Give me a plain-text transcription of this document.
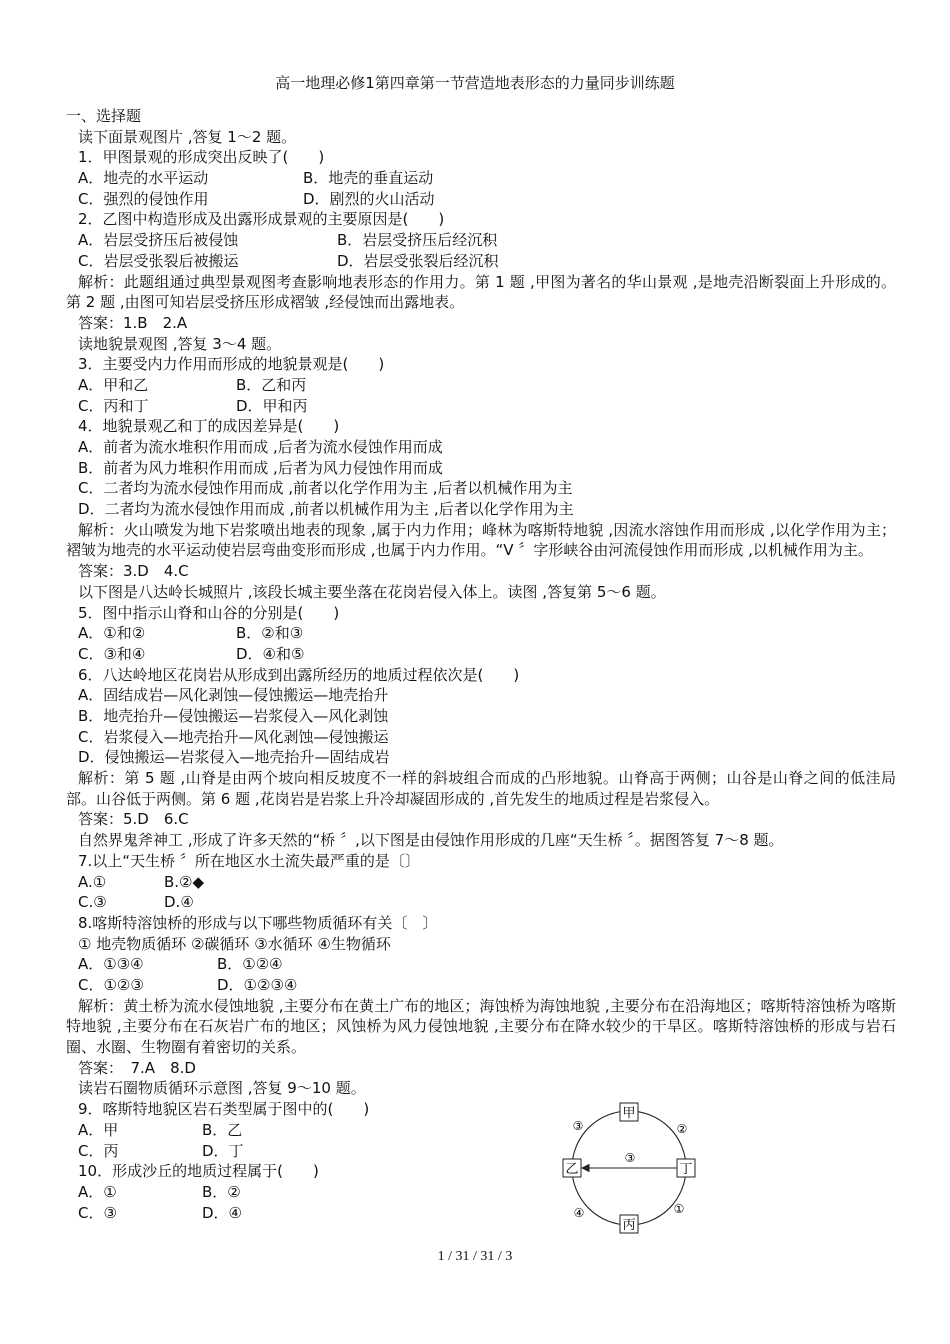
高一地理必修1第四章第一节营造地表形态的力量同步训练题
一、选择题
读下面景观图片 ,答复 1～2 题。
1．甲图景观的形成突出反映了(　　)
A．地壳的水平运动	B．地壳的垂直运动
C．强烈的侵蚀作用	D．剧烈的火山活动
2．乙图中构造形成及出露形成景观的主要原因是(　　)
A．岩层受挤压后被侵蚀	B．岩层受挤压后经沉积
C．岩层受张裂后被搬运	D．岩层受张裂后经沉积
解析：此题组通过典型景观图考查影响地表形态的作用力。第 1 题 ,甲图为著名的华山景观 ,是地壳沿断裂面上升形成的。第 2 题 ,由图可知岩层受挤压形成褶皱 ,经侵蚀而出露地表。
答案：1.B　2.A
读地貌景观图 ,答复 3～4 题。
3．主要受内力作用而形成的地貌景观是(　　)
A．甲和乙	B．乙和丙
C．丙和丁	D．甲和丙
4．地貌景观乙和丁的成因差异是(　　)
A．前者为流水堆积作用而成 ,后者为流水侵蚀作用而成
B．前者为风力堆积作用而成 ,后者为风力侵蚀作用而成
C．二者均为流水侵蚀作用而成 ,前者以化学作用为主 ,后者以机械作用为主
D．二者均为流水侵蚀作用而成 ,前者以机械作用为主 ,后者以化学作用为主
解析：火山喷发为地下岩浆喷出地表的现象 ,属于内力作用；峰林为喀斯特地貌 ,因流水溶蚀作用而形成 ,以化学作用为主；褶皱为地壳的水平运动使岩层弯曲变形而形成 ,也属于内力作用。“V 〞字形峡谷由河流侵蚀作用而形成 ,以机械作用为主。
答案：3.D　4.C
以下图是八达岭长城照片 ,该段长城主要坐落在花岗岩侵入体上。读图 ,答复第 5～6 题。
5．图中指示山脊和山谷的分别是(　　)
A．①和②	B．②和③
C．③和④	D．④和⑤
6．八达岭地区花岗岩从形成到出露所经历的地质过程依次是(　　)
A．固结成岩—风化剥蚀—侵蚀搬运—地壳抬升
B．地壳抬升—侵蚀搬运—岩浆侵入—风化剥蚀
C．岩浆侵入—地壳抬升—风化剥蚀—侵蚀搬运
D．侵蚀搬运—岩浆侵入—地壳抬升—固结成岩
解析：第 5 题 ,山脊是由两个坡向相反坡度不一样的斜坡组合而成的凸形地貌。山脊高于两侧；山谷是山脊之间的低洼局部。山谷低于两侧。第 6 题 ,花岗岩是岩浆上升冷却凝固形成的 ,首先发生的地质过程是岩浆侵入。
答案：5.D　6.C
自然界鬼斧神工 ,形成了许多天然的“桥 〞,以下图是由侵蚀作用形成的几座“天生桥 〞。据图答复 7～8 题。
7.以上“天生桥 〞所在地区水土流失最严重的是〔〕
A.①	B.②◆
C.③	D.④
8.喀斯特溶蚀桥的形成与以下哪些物质循环有关〔　〕
① 地壳物质循环 ②碳循环 ③水循环 ④生物循环
A．①③④	B．①②④
C．①②③	D．①②③④
解析：黄土桥为流水侵蚀地貌 ,主要分布在黄土广布的地区；海蚀桥为海蚀地貌 ,主要分布在沿海地区；喀斯特溶蚀桥为喀斯特地貌 ,主要分布在石灰岩广布的地区；风蚀桥为风力侵蚀地貌 ,主要分布在降水较少的干旱区。喀斯特溶蚀桥的形成与岩石圈、水圈、生物圈有着密切的关系。
答案：　7.A　8.D
读岩石圈物质循环示意图 ,答复 9～10 题。
9．喀斯特地貌区岩石类型属于图中的(　　)
A．甲	B．乙
C．丙	D．丁
10．形成沙丘的地质过程属于(　　)
A．①	B．②
C．③	D．④
甲
乙	丁
丙
③	②
③
④	①
1 / 31 / 31 / 3
